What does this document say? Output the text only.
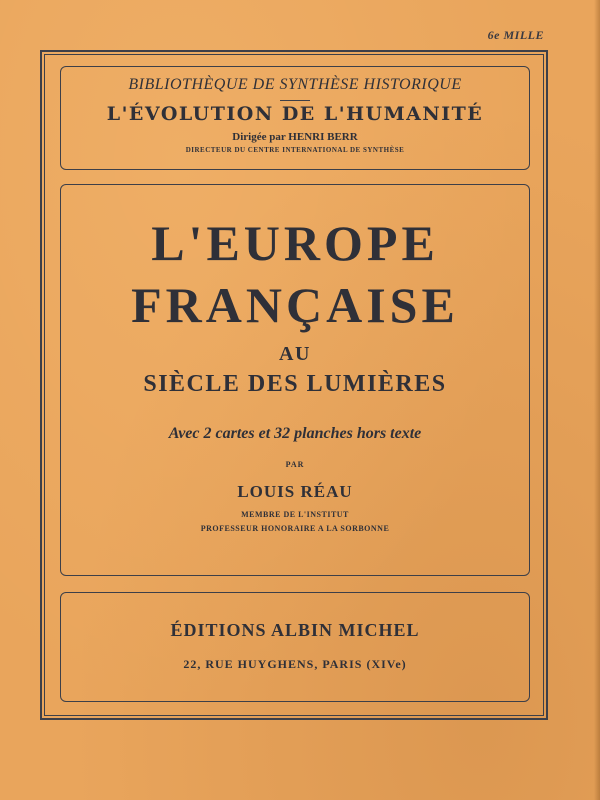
6e MILLE
BIBLIOTHÈQUE DE SYNTHÈSE HISTORIQUE
L'ÉVOLUTION DE L'HUMANITÉ
Dirigée par HENRI BERR
DIRECTEUR DU CENTRE INTERNATIONAL DE SYNTHÈSE
L'EUROPE
FRANÇAISE
AU
SIÈCLE DES LUMIÈRES
Avec 2 cartes et 32 planches hors texte
PAR
LOUIS RÉAU
MEMBRE DE L'INSTITUT
PROFESSEUR HONORAIRE A LA SORBONNE
ÉDITIONS ALBIN MICHEL
22, RUE HUYGHENS, PARIS (XIVe)
